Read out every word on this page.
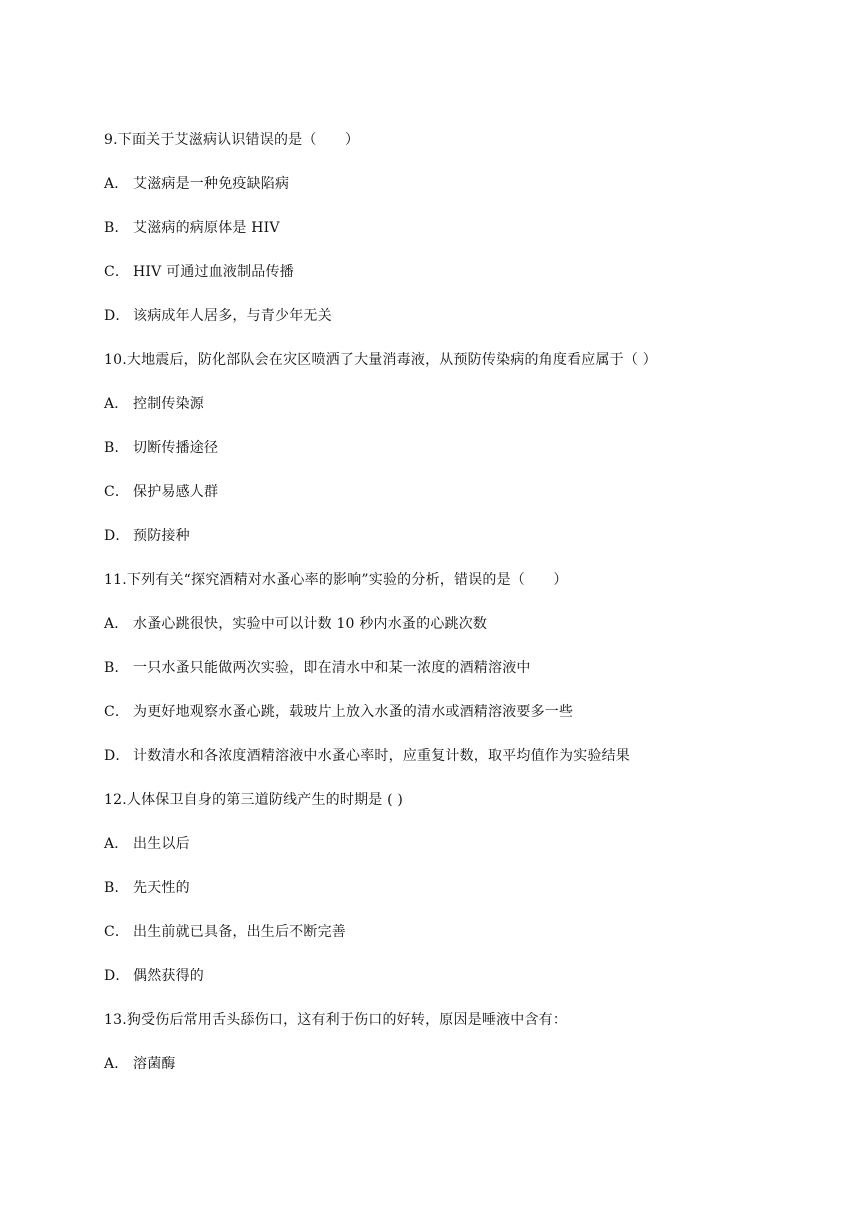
9.下面关于艾滋病认识错误的是（　　）
A． 艾滋病是一种免疫缺陷病
B． 艾滋病的病原体是 HIV
C． HIV 可通过血液制品传播
D． 该病成年人居多，与青少年无关
10.大地震后，防化部队会在灾区喷洒了大量消毒液，从预防传染病的角度看应属于（ ）
A． 控制传染源
B． 切断传播途径
C． 保护易感人群
D． 预防接种
11.下列有关“探究酒精对水蚤心率的影响”实验的分析，错误的是（　　）
A． 水蚤心跳很快，实验中可以计数 10 秒内水蚤的心跳次数
B． 一只水蚤只能做两次实验，即在清水中和某一浓度的酒精溶液中
C． 为更好地观察水蚤心跳，载玻片上放入水蚤的清水或酒精溶液要多一些
D． 计数清水和各浓度酒精溶液中水蚤心率时，应重复计数，取平均值作为实验结果
12.人体保卫自身的第三道防线产生的时期是 ( )
A． 出生以后
B． 先天性的
C． 出生前就已具备，出生后不断完善
D． 偶然获得的
13.狗受伤后常用舌头舔伤口，这有利于伤口的好转，原因是唾液中含有：
A． 溶菌酶
